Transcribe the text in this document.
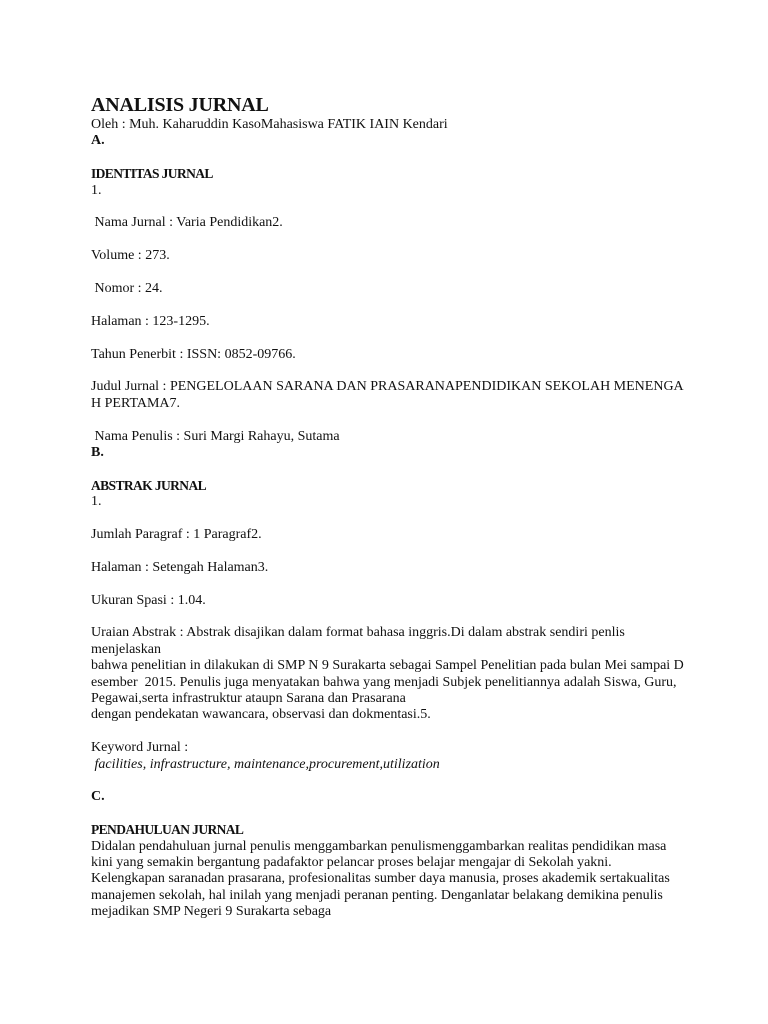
ANALISIS JURNAL

Oleh : Muh. Kaharuddin KasoMahasiswa FATIK IAIN Kendari

A.

IDENTITAS JURNAL

1.

Nama Jurnal : Varia Pendidikan2.

Volume : 273.

Nomor : 24.

Halaman : 123-1295.

Tahun Penerbit : ISSN: 0852-09766.

Judul Jurnal : PENGELOLAAN SARANA DAN PRASARANAPENDIDIKAN SEKOLAH MENENGA

H PERTAMA7.

Nama Penulis : Suri Margi Rahayu, Sutama

B.

ABSTRAK JURNAL

1.

Jumlah Paragraf : 1 Paragraf2.

Halaman : Setengah Halaman3.

Ukuran Spasi : 1.04.

Uraian Abstrak : Abstrak disajikan dalam format bahasa inggris.Di dalam abstrak sendiri penlis

menjelaskan

bahwa penelitian in dilakukan di SMP N 9 Surakarta sebagai Sampel Penelitian pada bulan Mei sampai D

esember  2015. Penulis juga menyatakan bahwa yang menjadi Subjek penelitiannya adalah Siswa, Guru,

Pegawai,serta infrastruktur ataupn Sarana dan Prasarana

dengan pendekatan wawancara, observasi dan dokmentasi.5.

Keyword Jurnal :

facilities, infrastructure, maintenance,procurement,utilization

C.

PENDAHULUAN JURNAL

Didalan pendahuluan jurnal penulis menggambarkan penulismenggambarkan realitas pendidikan masa

kini yang semakin bergantung padafaktor pelancar proses belajar mengajar di Sekolah yakni.

Kelengkapan saranadan prasarana, profesionalitas sumber daya manusia, proses akademik sertakualitas

manajemen sekolah, hal inilah yang menjadi peranan penting. Denganlatar belakang demikina penulis

mejadikan SMP Negeri 9 Surakarta sebaga
